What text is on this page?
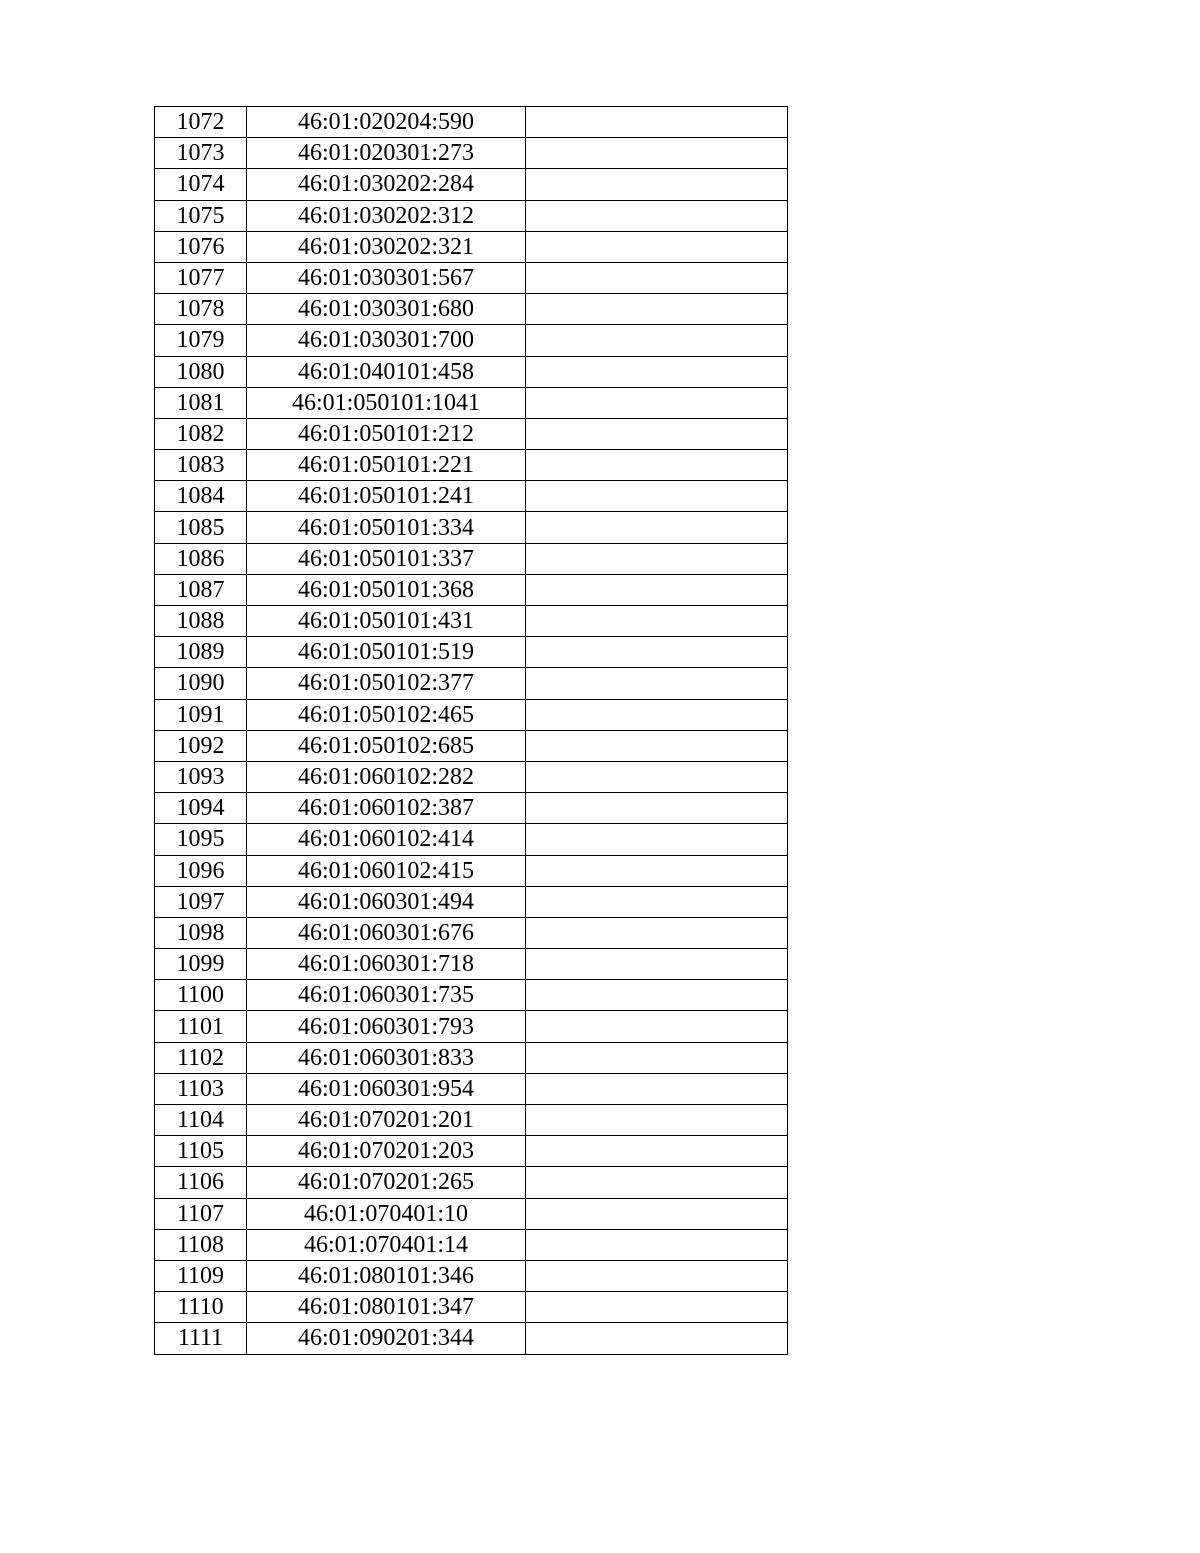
1072	46:01:020204:590	
1073	46:01:020301:273	
1074	46:01:030202:284	
1075	46:01:030202:312	
1076	46:01:030202:321	
1077	46:01:030301:567	
1078	46:01:030301:680	
1079	46:01:030301:700	
1080	46:01:040101:458	
1081	46:01:050101:1041	
1082	46:01:050101:212	
1083	46:01:050101:221	
1084	46:01:050101:241	
1085	46:01:050101:334	
1086	46:01:050101:337	
1087	46:01:050101:368	
1088	46:01:050101:431	
1089	46:01:050101:519	
1090	46:01:050102:377	
1091	46:01:050102:465	
1092	46:01:050102:685	
1093	46:01:060102:282	
1094	46:01:060102:387	
1095	46:01:060102:414	
1096	46:01:060102:415	
1097	46:01:060301:494	
1098	46:01:060301:676	
1099	46:01:060301:718	
1100	46:01:060301:735	
1101	46:01:060301:793	
1102	46:01:060301:833	
1103	46:01:060301:954	
1104	46:01:070201:201	
1105	46:01:070201:203	
1106	46:01:070201:265	
1107	46:01:070401:10	
1108	46:01:070401:14	
1109	46:01:080101:346	
1110	46:01:080101:347	
1111	46:01:090201:344	
